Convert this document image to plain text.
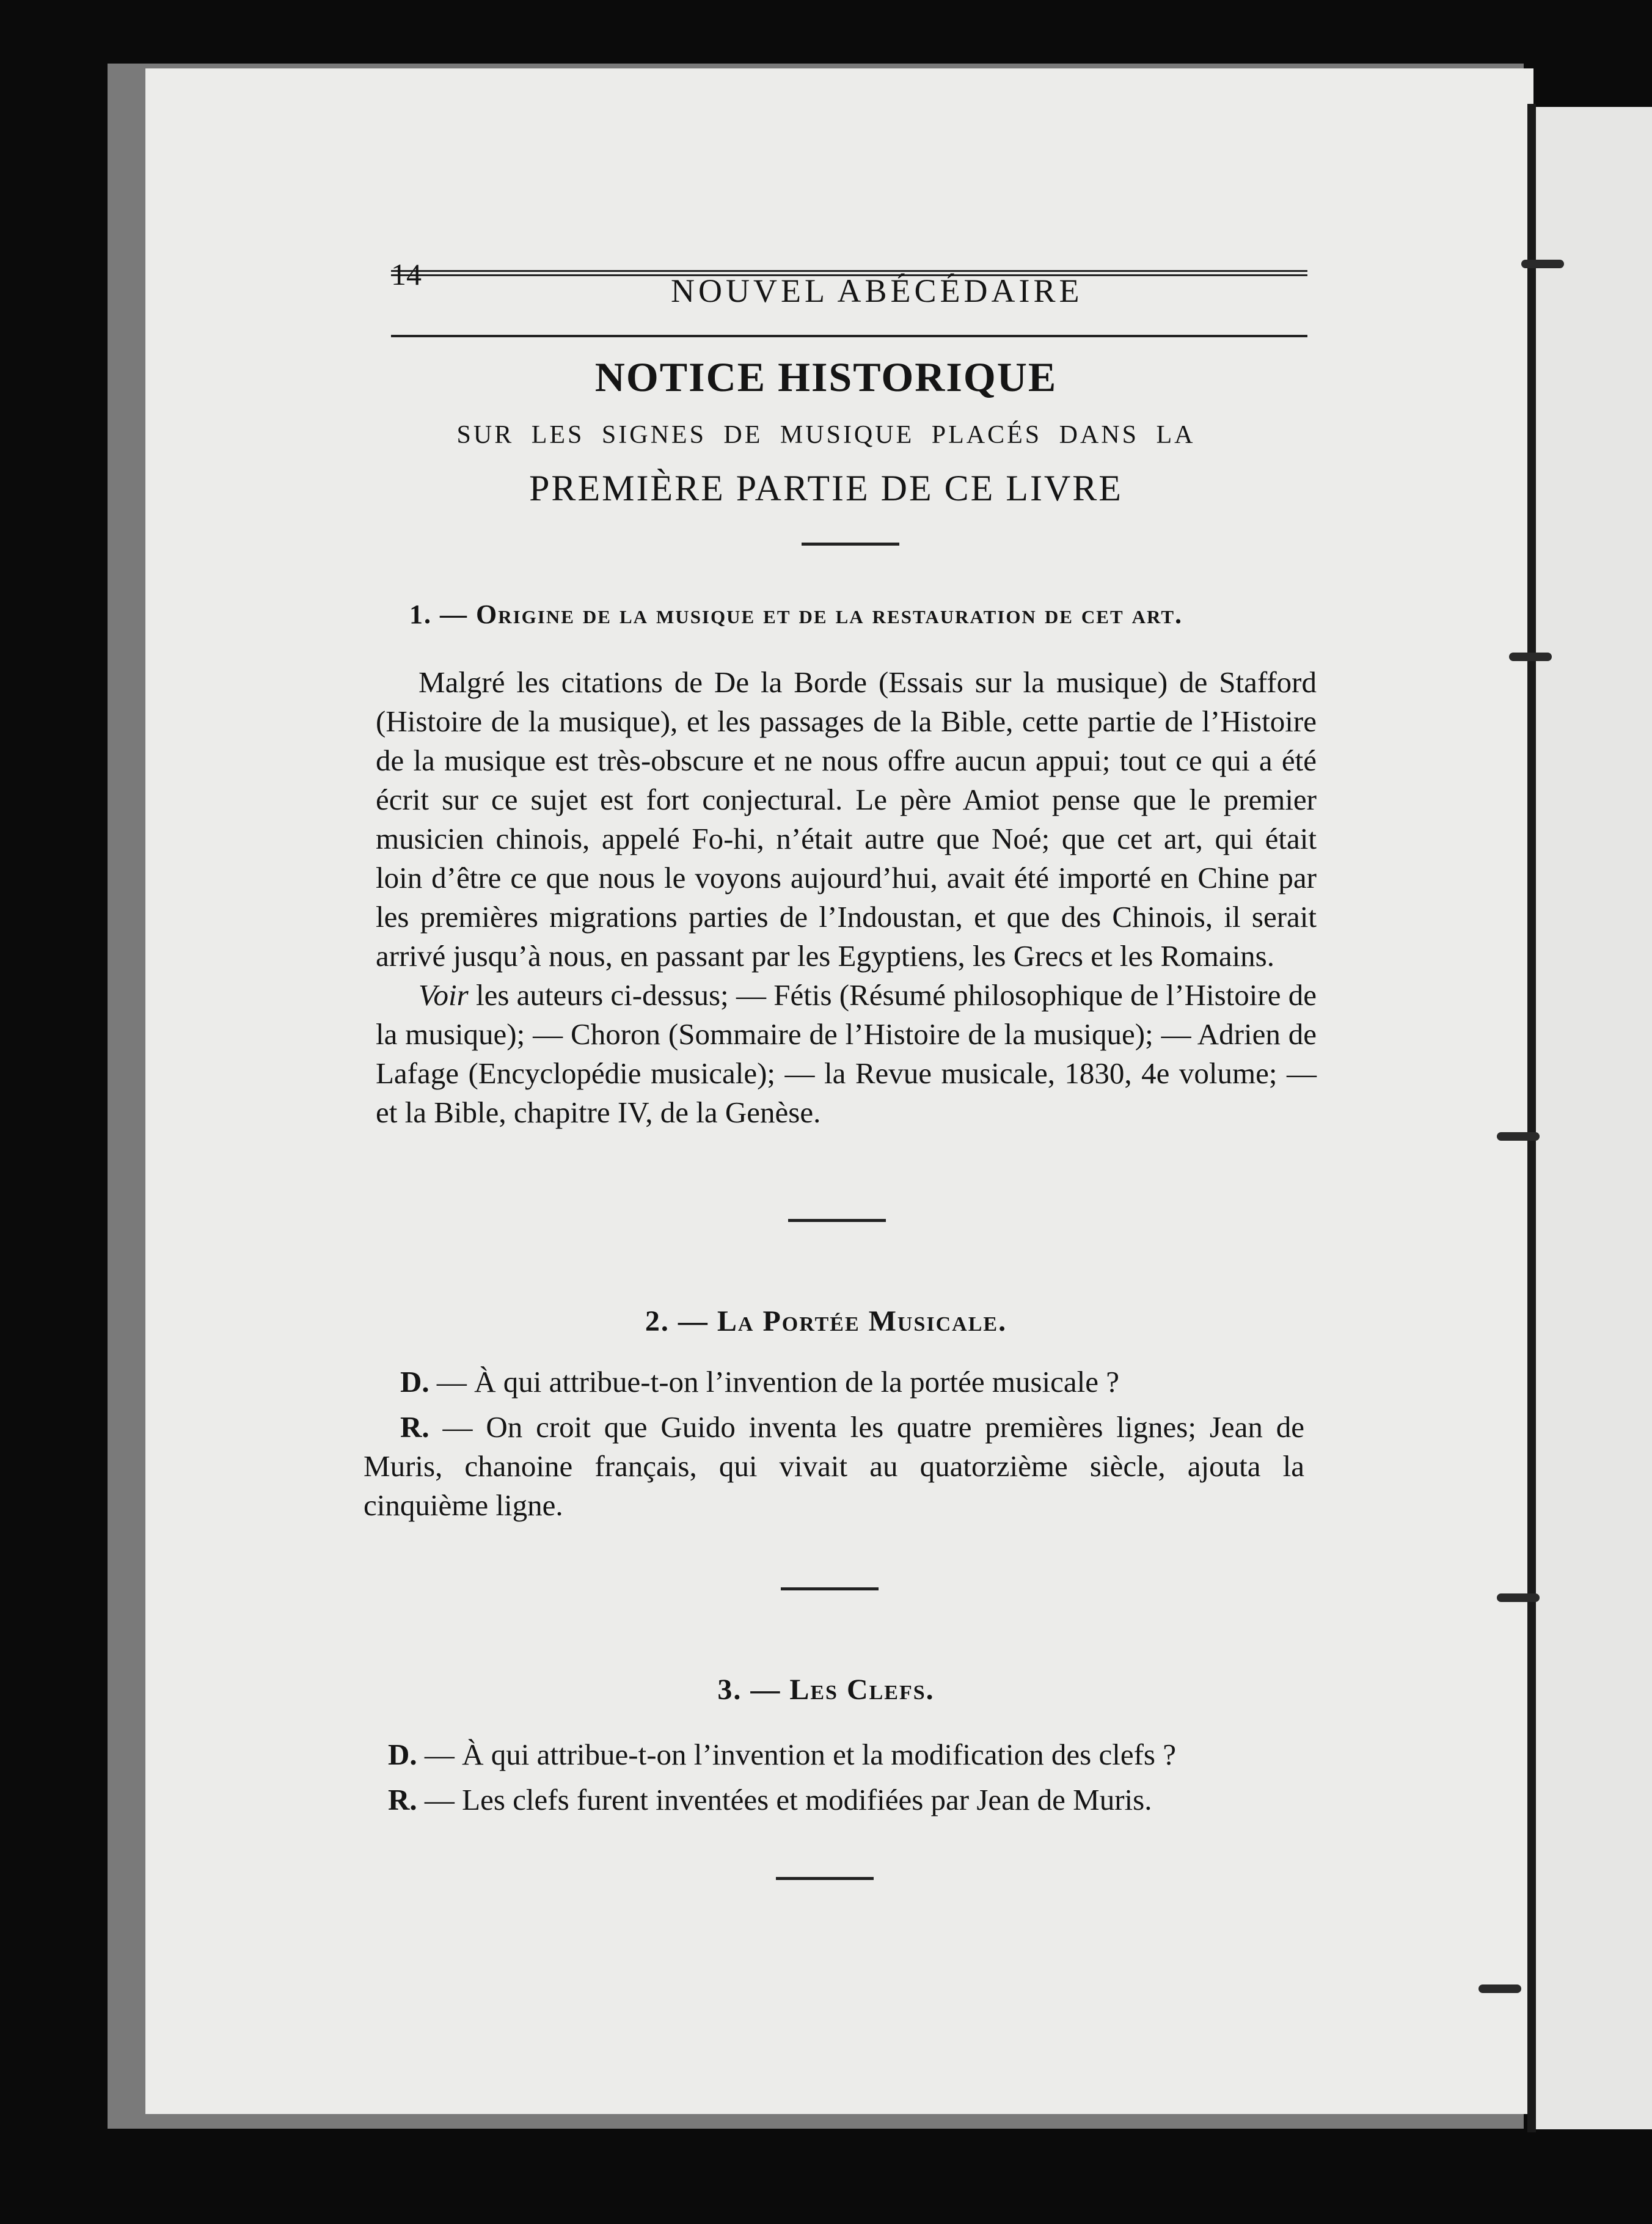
14	NOUVEL ABÉCÉDAIRE
NOTICE HISTORIQUE
SUR LES SIGNES DE MUSIQUE PLACÉS DANS LA
PREMIÈRE PARTIE DE CE LIVRE
1. — Origine de la musique et de la restauration de cet art.

Malgré les citations de De la Borde (Essais sur la musique) de Stafford (Histoire de la musique), et les passages de la Bible, cette partie de l’Histoire de la musique est très-obscure et ne nous offre aucun appui; tout ce qui a été écrit sur ce sujet est fort conjectural. Le père Amiot pense que le premier musicien chinois, appelé Fo-hi, n’était autre que Noé; que cet art, qui était loin d’être ce que nous le voyons aujourd’hui, avait été importé en Chine par les premières migrations parties de l’Indoustan, et que des Chinois, il serait arrivé jusqu’à nous, en passant par les Egyptiens, les Grecs et les Romains.

Voir les auteurs ci-dessus; — Fétis (Résumé philosophique de l’Histoire de la musique); — Choron (Sommaire de l’Histoire de la musique); — Adrien de Lafage (Encyclopédie musicale); — la Revue musicale, 1830, 4e volume; — et la Bible, chapitre IV, de la Genèse.

2. — La Portée Musicale.

D. — À qui attribue-t-on l’invention de la portée musicale ?

R. — On croit que Guido inventa les quatre premières lignes; Jean de Muris, chanoine français, qui vivait au quatorzième siècle, ajouta la cinquième ligne.

3. — Les Clefs.

D. — À qui attribue-t-on l’invention et la modification des clefs ?

R. — Les clefs furent inventées et modifiées par Jean de Muris.
